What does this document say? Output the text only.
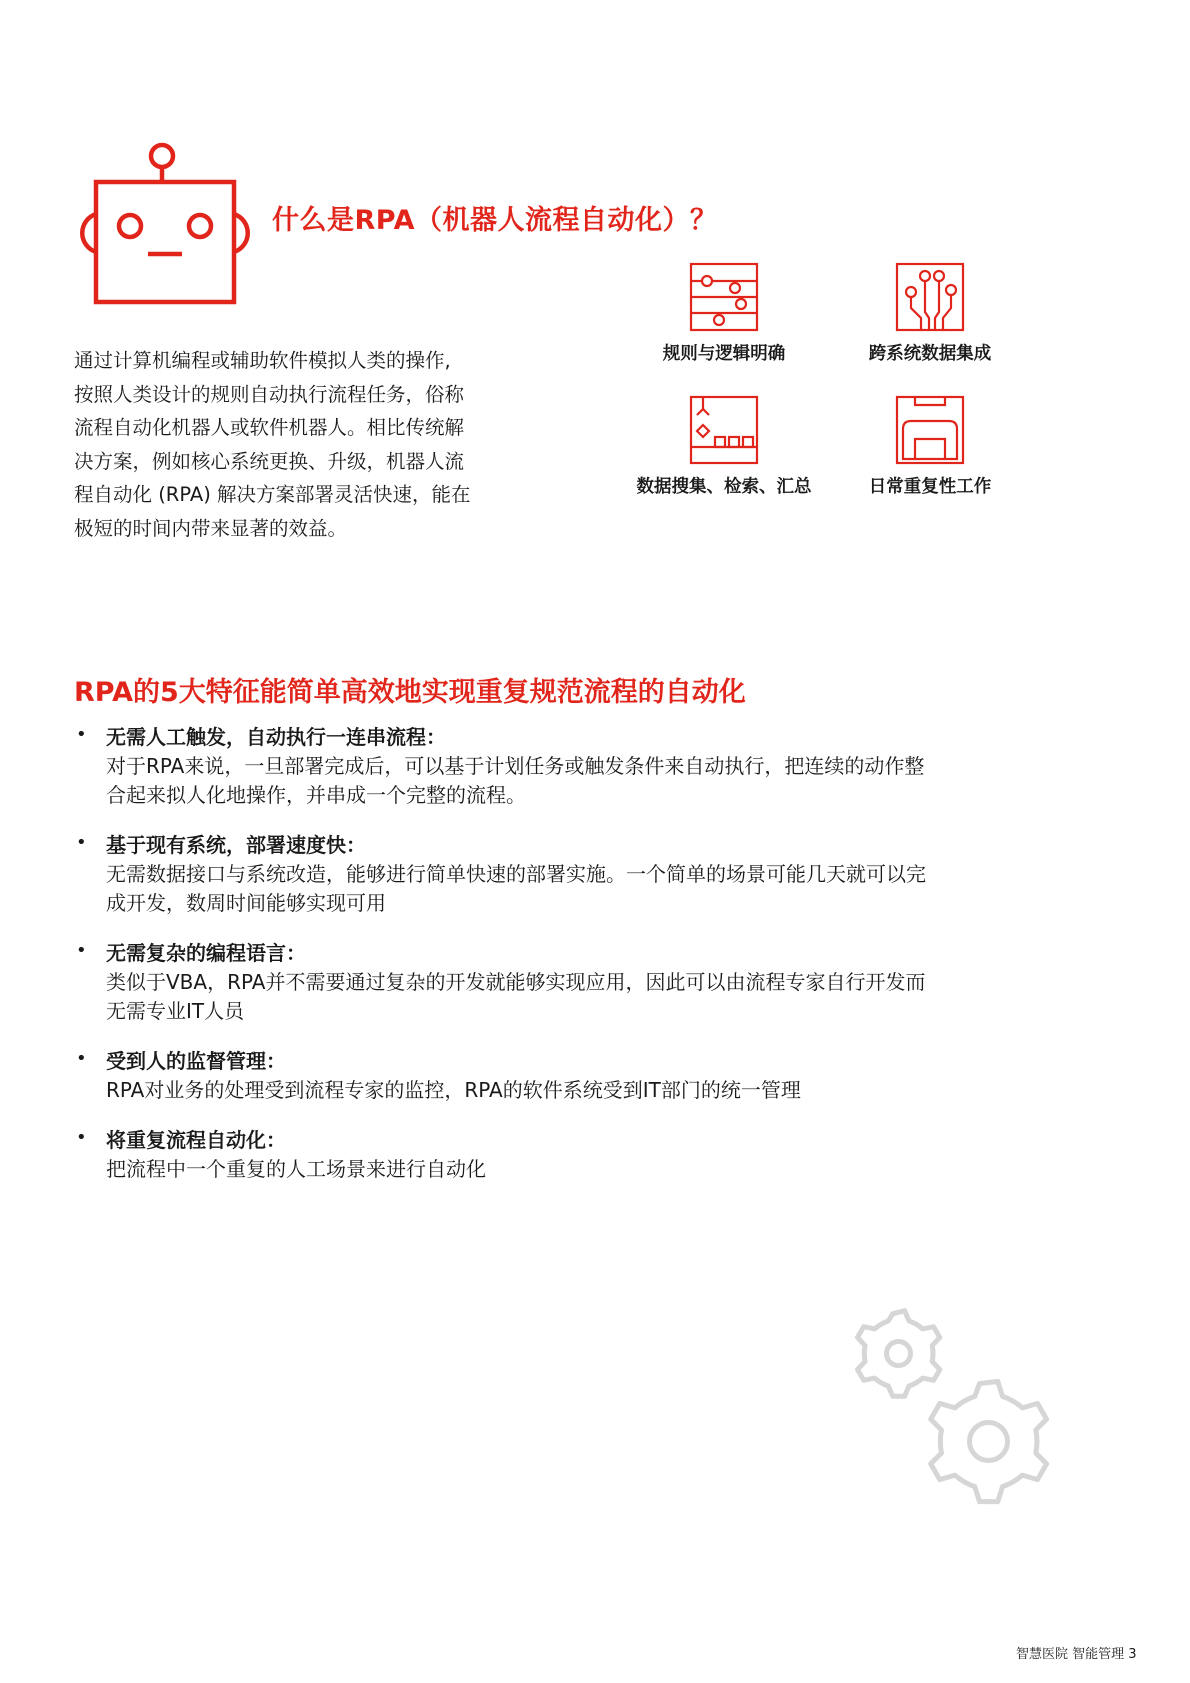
什么是RPA（机器人流程自动化）？
通过计算机编程或辅助软件模拟人类的操作,
按照人类设计的规则自动执行流程任务，俗称
流程自动化机器人或软件机器人。相比传统解
决方案，例如核心系统更换、升级，机器人流
程自动化 (RPA) 解决方案部署灵活快速，能在
极短的时间内带来显著的效益。
规则与逻辑明确	跨系统数据集成
数据搜集、检索、汇总	日常重复性工作
RPA的5大特征能简单高效地实现重复规范流程的自动化
• 无需人工触发，自动执行一连串流程：
对于RPA来说，一旦部署完成后，可以基于计划任务或触发条件来自动执行，把连续的动作整
合起来拟人化地操作，并串成一个完整的流程。
• 基于现有系统，部署速度快：
无需数据接口与系统改造，能够进行简单快速的部署实施。一个简单的场景可能几天就可以完
成开发，数周时间能够实现可用
• 无需复杂的编程语言：
类似于VBA，RPA并不需要通过复杂的开发就能够实现应用，因此可以由流程专家自行开发而
无需专业IT人员
• 受到人的监督管理：
RPA对业务的处理受到流程专家的监控，RPA的软件系统受到IT部门的统一管理
• 将重复流程自动化：
把流程中一个重复的人工场景来进行自动化
智慧医院 智能管理 3
